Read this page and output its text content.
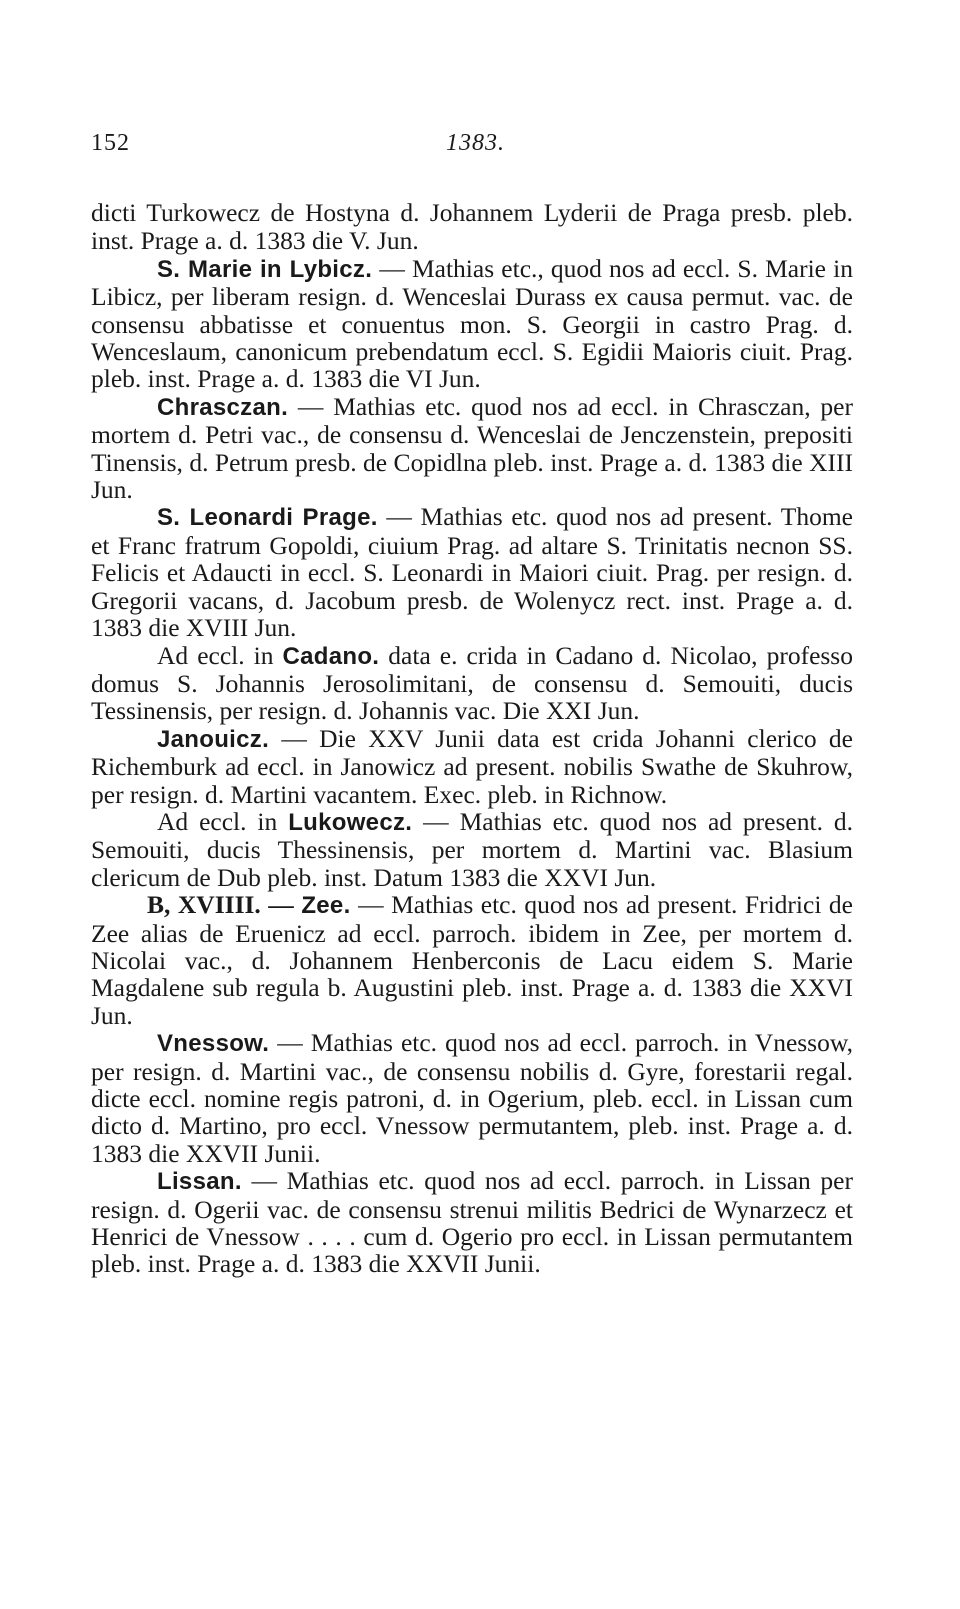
152	1383.

dicti Turkowecz de Hostyna d. Johannem Lyderii de Praga presb. pleb. inst. Prage a. d. 1383 die V. Jun.

S. Marie in Lybicz. — Mathias etc., quod nos ad eccl. S. Marie in Libicz, per liberam resign. d. Wenceslai Durass ex causa permut. vac. de consensu abbatisse et conuentus mon. S. Georgii in castro Prag. d. Wenceslaum, canonicum prebendatum eccl. S. Egidii Maioris ciuit. Prag. pleb. inst. Prage a. d. 1383 die VI Jun.

Chrasczan. — Mathias etc. quod nos ad eccl. in Chrasczan, per mortem d. Petri vac., de consensu d. Wenceslai de Jenczenstein, prepositi Tinensis, d. Petrum presb. de Copidlna pleb. inst. Prage a. d. 1383 die XIII Jun.

S. Leonardi Prage. — Mathias etc. quod nos ad present. Thome et Franc fratrum Gopoldi, ciuium Prag. ad altare S. Trinitatis necnon SS. Felicis et Adaucti in eccl. S. Leonardi in Maiori ciuit. Prag. per resign. d. Gregorii vacans, d. Jacobum presb. de Wolenycz rect. inst. Prage a. d. 1383 die XVIII Jun.

Ad eccl. in Cadano. data e. crida in Cadano d. Nicolao, professo domus S. Johannis Jerosolimitani, de consensu d. Semouiti, ducis Tessinensis, per resign. d. Johannis vac. Die XXI Jun.

Janouicz. — Die XXV Junii data est crida Johanni clerico de Richemburk ad eccl. in Janowicz ad present. nobilis Swathe de Skuhrow, per resign. d. Martini vacantem. Exec. pleb. in Richnow.

Ad eccl. in Lukowecz. — Mathias etc. quod nos ad present. d. Semouiti, ducis Thessinensis, per mortem d. Martini vac. Blasium clericum de Dub pleb. inst. Datum 1383 die XXVI Jun.

B, XVIIII. — Zee. — Mathias etc. quod nos ad present. Fridrici de Zee alias de Eruenicz ad eccl. parroch. ibidem in Zee, per mortem d. Nicolai vac., d. Johannem Henberconis de Lacu eidem S. Marie Magdalene sub regula b. Augustini pleb. inst. Prage a. d. 1383 die XXVI Jun.

Vnessow. — Mathias etc. quod nos ad eccl. parroch. in Vnessow, per resign. d. Martini vac., de consensu nobilis d. Gyre, forestarii regal. dicte eccl. nomine regis patroni, d. in Ogerium, pleb. eccl. in Lissan cum dicto d. Martino, pro eccl. Vnessow permutantem, pleb. inst. Prage a. d. 1383 die XXVII Junii.

Lissan. — Mathias etc. quod nos ad eccl. parroch. in Lissan per resign. d. Ogerii vac. de consensu strenui militis Bedrici de Wynarzecz et Henrici de Vnessow . . . . cum d. Ogerio pro eccl. in Lissan permutantem pleb. inst. Prage a. d. 1383 die XXVII Junii.
